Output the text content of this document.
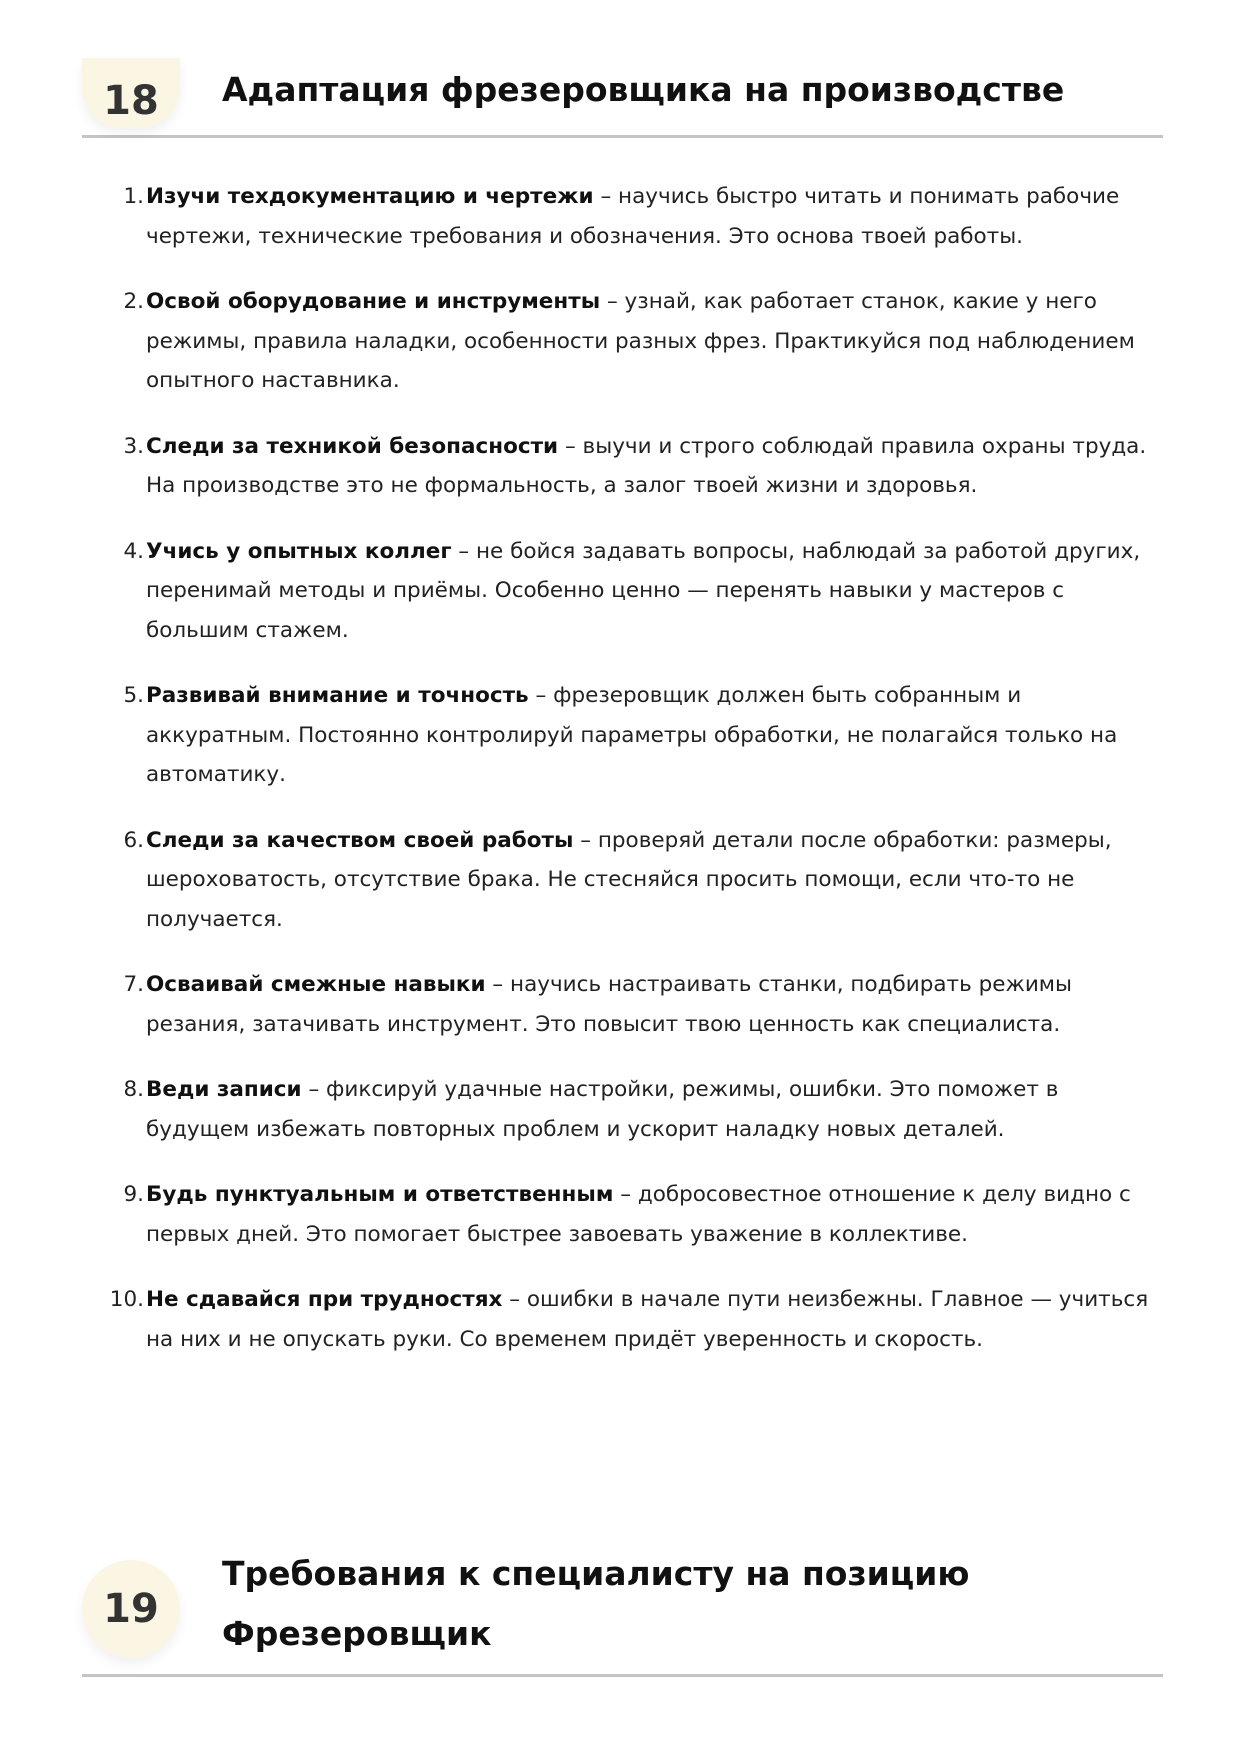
18	Адаптация фрезеровщика на производстве
1. Изучи техдокументацию и чертежи – научись быстро читать и понимать рабочие чертежи, технические требования и обозначения. Это основа твоей работы.
2. Освой оборудование и инструменты – узнай, как работает станок, какие у него режимы, правила наладки, особенности разных фрез. Практикуйся под наблюдением опытного наставника.
3. Следи за техникой безопасности – выучи и строго соблюдай правила охраны труда. На производстве это не формальность, а залог твоей жизни и здоровья.
4. Учись у опытных коллег – не бойся задавать вопросы, наблюдай за работой других, перенимай методы и приёмы. Особенно ценно — перенять навыки у мастеров с большим стажем.
5. Развивай внимание и точность – фрезеровщик должен быть собранным и аккуратным. Постоянно контролируй параметры обработки, не полагайся только на автоматику.
6. Следи за качеством своей работы – проверяй детали после обработки: размеры, шероховатость, отсутствие брака. Не стесняйся просить помощи, если что-то не получается.
7. Осваивай смежные навыки – научись настраивать станки, подбирать режимы резания, затачивать инструмент. Это повысит твою ценность как специалиста.
8. Веди записи – фиксируй удачные настройки, режимы, ошибки. Это поможет в будущем избежать повторных проблем и ускорит наладку новых деталей.
9. Будь пунктуальным и ответственным – добросовестное отношение к делу видно с первых дней. Это помогает быстрее завоевать уважение в коллективе.
10. Не сдавайся при трудностях – ошибки в начале пути неизбежны. Главное — учиться на них и не опускать руки. Со временем придёт уверенность и скорость.
19
Требования к специалисту на позицию
Фрезеровщик
